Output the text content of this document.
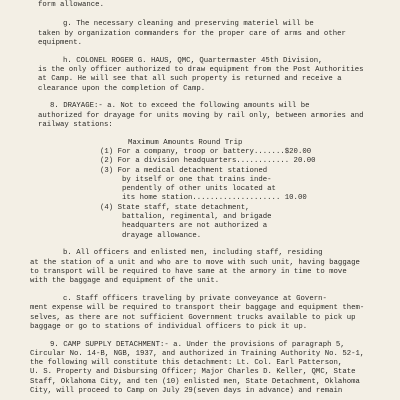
form allowance.
g. The necessary cleaning and preserving materiel will be
taken by organization commanders for the proper care of arms and other
equipment.
h. COLONEL ROGER G. HAUS, QMC, Quartermaster 45th Division,
is the only officer authorized to draw equipment from the Post Authorities
at Camp. He will see that all such property is returned and receive a
clearance upon the completion of Camp.
8. DRAYAGE:- a. Not to exceed the following amounts will be
authorized for drayage for units moving by rail only, between armories and
railway stations:
Maximum Amounts Round Trip
(1) For a company, troop or battery.......$20.00
(2) For a division headquarters............ 20.00
(3) For a medical detachment stationed
by itself or one that trains inde-
pendently of other units located at
its home station.................... 10.00
(4) State staff, state detachment,
battalion, regimental, and brigade
headquarters are not authorized a
drayage allowance.
b. All officers and enlisted men, including staff, residing
at the station of a unit and who are to move with such unit, having baggage
to transport will be required to have same at the armory in time to move
with the baggage and equipment of the unit.
c. Staff officers traveling by private conveyance at Govern-
ment expense will be required to transport their baggage and equipment them-
selves, as there are not sufficient Government trucks available to pick up
baggage or go to stations of individual officers to pick it up.
9. CAMP SUPPLY DETACHMENT:- a. Under the provisions of paragraph 5,
Circular No. 14-B, NGB, 1937, and authorized in Training Authority No. 52-1,
the following will constitute this detachment: Lt. Col. Earl Patterson,
U. S. Property and Disbursing Officer; Major Charles D. Keller, QMC, State
Staff, Oklahoma City, and ten (10) enlisted men, State Detachment, Oklahoma
City, will proceed to Camp on July 29(seven days in advance) and remain
